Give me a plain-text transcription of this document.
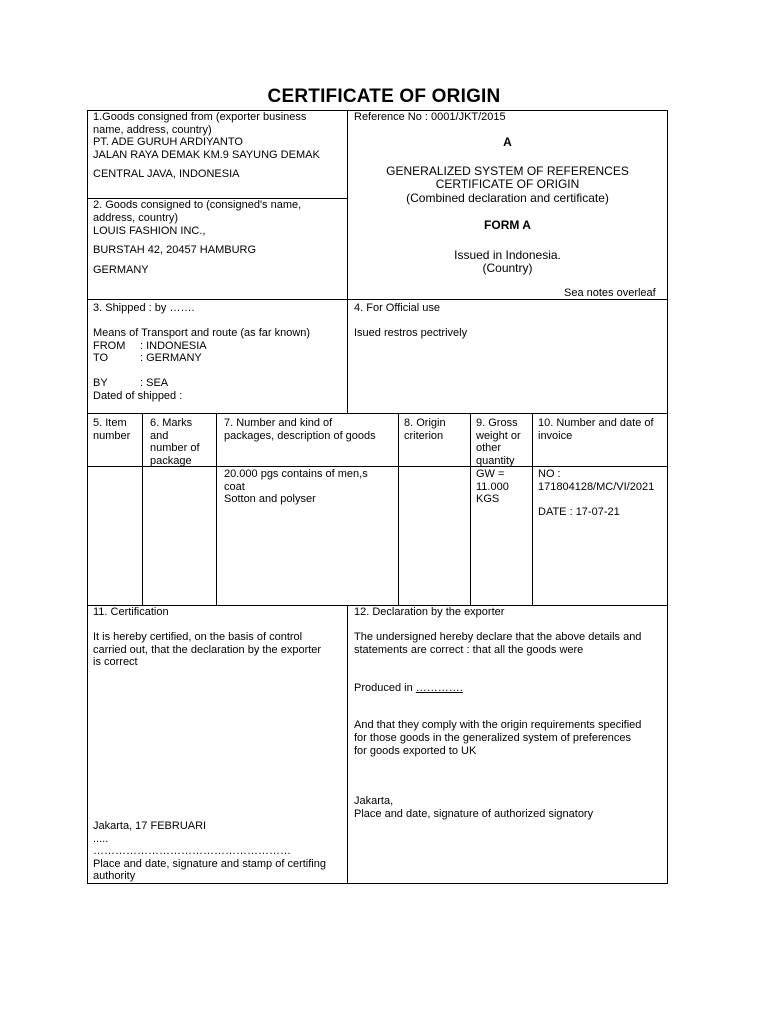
CERTIFICATE OF ORIGIN
1.Goods consigned from (exporter business
name, address, country)
PT. ADE GURUH ARDIYANTO
JALAN RAYA DEMAK KM.9 SAYUNG DEMAK
CENTRAL JAVA, INDONESIA
2. Goods consigned to (consigned's name,
address, country)
LOUIS FASHION INC.,
BURSTAH 42, 20457 HAMBURG
GERMANY
Reference No : 0001/JKT/2015
A
GENERALIZED SYSTEM OF REFERENCES
CERTIFICATE OF ORIGIN
(Combined declaration and certificate)
FORM A
Issued in Indonesia.
(Country)
Sea notes overleaf
3. Shipped : by …….
Means of Transport and route (as far known)
FROM : INDONESIA
TO	: GERMANY
BY	: SEA
Dated of shipped :
4. For Official use
Isued restros pectrively
5. Item
number
6. Marks
and
number of
package
7. Number and kind of
packages, description of goods
8. Origin
criterion
9. Gross
weight or
other
quantity
10. Number and date of
invoice
20.000 pgs contains of men,s
coat
Sotton and polyser
GW =
11.000
KGS
NO :
171804128/MC/VI/2021
DATE : 17-07-21
11. Certification
It is hereby certified, on the basis of control
carried out, that the declaration by the exporter
is correct
Jakarta, 17 FEBRUARI
.....
………………………………………………
Place and date, signature and stamp of certifing
authority
12. Declaration by the exporter
The undersigned hereby declare that the above details and
statements are correct : that all the goods were
Produced in ………….
And that they comply with the origin requirements specified
for those goods in the generalized system of preferences
for goods exported to UK
Jakarta,
Place and date, signature of authorized signatory
